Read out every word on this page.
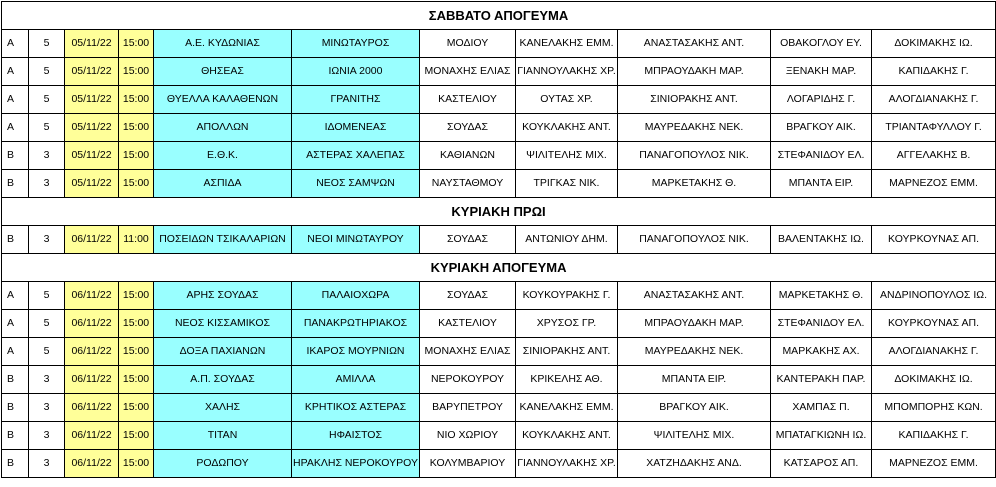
ΣΑΒΒΑΤΟ ΑΠΟΓΕΥΜΑ										
A	5	05/11/22	15:00	Α.Ε. ΚΥΔΩΝΙΑΣ	ΜΙΝΩΤΑΥΡΟΣ	ΜΟΔΙΟΥ	ΚΑΝΕΛΑΚΗΣ ΕΜΜ.	ΑΝΑΣΤΑΣΑΚΗΣ ΑΝΤ.	ΟΒΑΚΟΓΛΟΥ ΕΥ.	ΔΟΚΙΜΑΚΗΣ ΙΩ.
A	5	05/11/22	15:00	ΘΗΣΕΑΣ	ΙΩΝΙΑ 2000	ΜΟΝΑΧΗΣ ΕΛΙΑΣ	ΓΙΑΝΝΟΥΛΑΚΗΣ ΧΡ.	ΜΠΡΑΟΥΔΑΚΗ ΜΑΡ.	ΞΕΝΑΚΗ ΜΑΡ.	ΚΑΠΙΔΑΚΗΣ Γ.
A	5	05/11/22	15:00	ΘΥΕΛΛΑ ΚΑΛΑΘΕΝΩΝ	ΓΡΑΝΙΤΗΣ	ΚΑΣΤΕΛΙΟΥ	ΟΥΤΑΣ ΧΡ.	ΣΙΝΙΟΡΑΚΗΣ ΑΝΤ.	ΛΟΓΑΡΙΔΗΣ Γ.	ΑΛΟΓΔΙΑΝΑΚΗΣ Γ.
A	5	05/11/22	15:00	ΑΠΟΛΛΩΝ	ΙΔΟΜΕΝΕΑΣ	ΣΟΥΔΑΣ	ΚΟΥΚΛΑΚΗΣ ΑΝΤ.	ΜΑΥΡΕΔΑΚΗΣ ΝΕΚ.	ΒΡΑΓΚΟΥ ΑΙΚ.	ΤΡΙΑΝΤΑΦΥΛΛΟΥ Γ.
B	3	05/11/22	15:00	Ε.Θ.Κ.	ΑΣΤΕΡΑΣ ΧΑΛΕΠΑΣ	ΚΑΘΙΑΝΩΝ	ΨΙΛΙΤΕΛΗΣ ΜΙΧ.	ΠΑΝΑΓΟΠΟΥΛΟΣ ΝΙΚ.	ΣΤΕΦΑΝΙΔΟΥ ΕΛ.	ΑΓΓΕΛΑΚΗΣ Β.
B	3	05/11/22	15:00	ΑΣΠΙΔΑ	ΝΕΟΣ ΣΑΜΨΩΝ	ΝΑΥΣΤΑΘΜΟΥ	ΤΡΙΓΚΑΣ ΝΙΚ.	ΜΑΡΚΕΤΑΚΗΣ Θ.	ΜΠΑΝΤΑ ΕΙΡ.	ΜΑΡΝΕΖΟΣ ΕΜΜ.
ΚΥΡΙΑΚΗ ΠΡΩΙ										
B	3	06/11/22	11:00	ΠΟΣΕΙΔΩΝ ΤΣΙΚΑΛΑΡΙΩΝ	ΝΕΟΙ ΜΙΝΩΤΑΥΡΟΥ	ΣΟΥΔΑΣ	ΑΝΤΩΝΙΟΥ ΔΗΜ.	ΠΑΝΑΓΟΠΟΥΛΟΣ ΝΙΚ.	ΒΑΛΕΝΤΑΚΗΣ ΙΩ.	ΚΟΥΡΚΟΥΝΑΣ ΑΠ.
ΚΥΡΙΑΚΗ ΑΠΟΓΕΥΜΑ										
A	5	06/11/22	15:00	ΑΡΗΣ ΣΟΥΔΑΣ	ΠΑΛΑΙΟΧΩΡΑ	ΣΟΥΔΑΣ	ΚΟΥΚΟΥΡΑΚΗΣ Γ.	ΑΝΑΣΤΑΣΑΚΗΣ ΑΝΤ.	ΜΑΡΚΕΤΑΚΗΣ Θ.	ΑΝΔΡΙΝΟΠΟΥΛΟΣ ΙΩ.
A	5	06/11/22	15:00	ΝΕΟΣ ΚΙΣΣΑΜΙΚΟΣ	ΠΑΝΑΚΡΩΤΗΡΙΑΚΟΣ	ΚΑΣΤΕΛΙΟΥ	ΧΡΥΣΟΣ ΓΡ.	ΜΠΡΑΟΥΔΑΚΗ ΜΑΡ.	ΣΤΕΦΑΝΙΔΟΥ ΕΛ.	ΚΟΥΡΚΟΥΝΑΣ ΑΠ.
A	5	06/11/22	15:00	ΔΟΞΑ ΠΑΧΙΑΝΩΝ	ΙΚΑΡΟΣ ΜΟΥΡΝΙΩΝ	ΜΟΝΑΧΗΣ ΕΛΙΑΣ	ΣΙΝΙΟΡΑΚΗΣ ΑΝΤ.	ΜΑΥΡΕΔΑΚΗΣ ΝΕΚ.	ΜΑΡΚΑΚΗΣ ΑΧ.	ΑΛΟΓΔΙΑΝΑΚΗΣ Γ.
B	3	06/11/22	15:00	Α.Π. ΣΟΥΔΑΣ	ΑΜΙΛΛΑ	ΝΕΡΟΚΟΥΡΟΥ	ΚΡΙΚΕΛΗΣ ΑΘ.	ΜΠΑΝΤΑ ΕΙΡ.	ΚΑΝΤΕΡΑΚΗ ΠΑΡ.	ΔΟΚΙΜΑΚΗΣ ΙΩ.
B	3	06/11/22	15:00	ΧΑΛΗΣ	ΚΡΗΤΙΚΟΣ ΑΣΤΕΡΑΣ	ΒΑΡΥΠΕΤΡΟΥ	ΚΑΝΕΛΑΚΗΣ ΕΜΜ.	ΒΡΑΓΚΟΥ ΑΙΚ.	ΧΑΜΠΑΣ Π.	ΜΠΟΜΠΟΡΗΣ ΚΩΝ.
B	3	06/11/22	15:00	ΤΙΤΑΝ	ΗΦΑΙΣΤΟΣ	ΝΙΟ ΧΩΡΙΟΥ	ΚΟΥΚΛΑΚΗΣ ΑΝΤ.	ΨΙΛΙΤΕΛΗΣ ΜΙΧ.	ΜΠΑΤΑΓΚΙΩΝΗ ΙΩ.	ΚΑΠΙΔΑΚΗΣ Γ.
B	3	06/11/22	15:00	ΡΟΔΩΠΟΥ	ΗΡΑΚΛΗΣ ΝΕΡΟΚΟΥΡΟΥ	ΚΟΛΥΜΒΑΡΙΟΥ	ΓΙΑΝΝΟΥΛΑΚΗΣ ΧΡ.	ΧΑΤΖΗΔΑΚΗΣ ΑΝΔ.	ΚΑΤΣΑΡΟΣ ΑΠ.	ΜΑΡΝΕΖΟΣ ΕΜΜ.
